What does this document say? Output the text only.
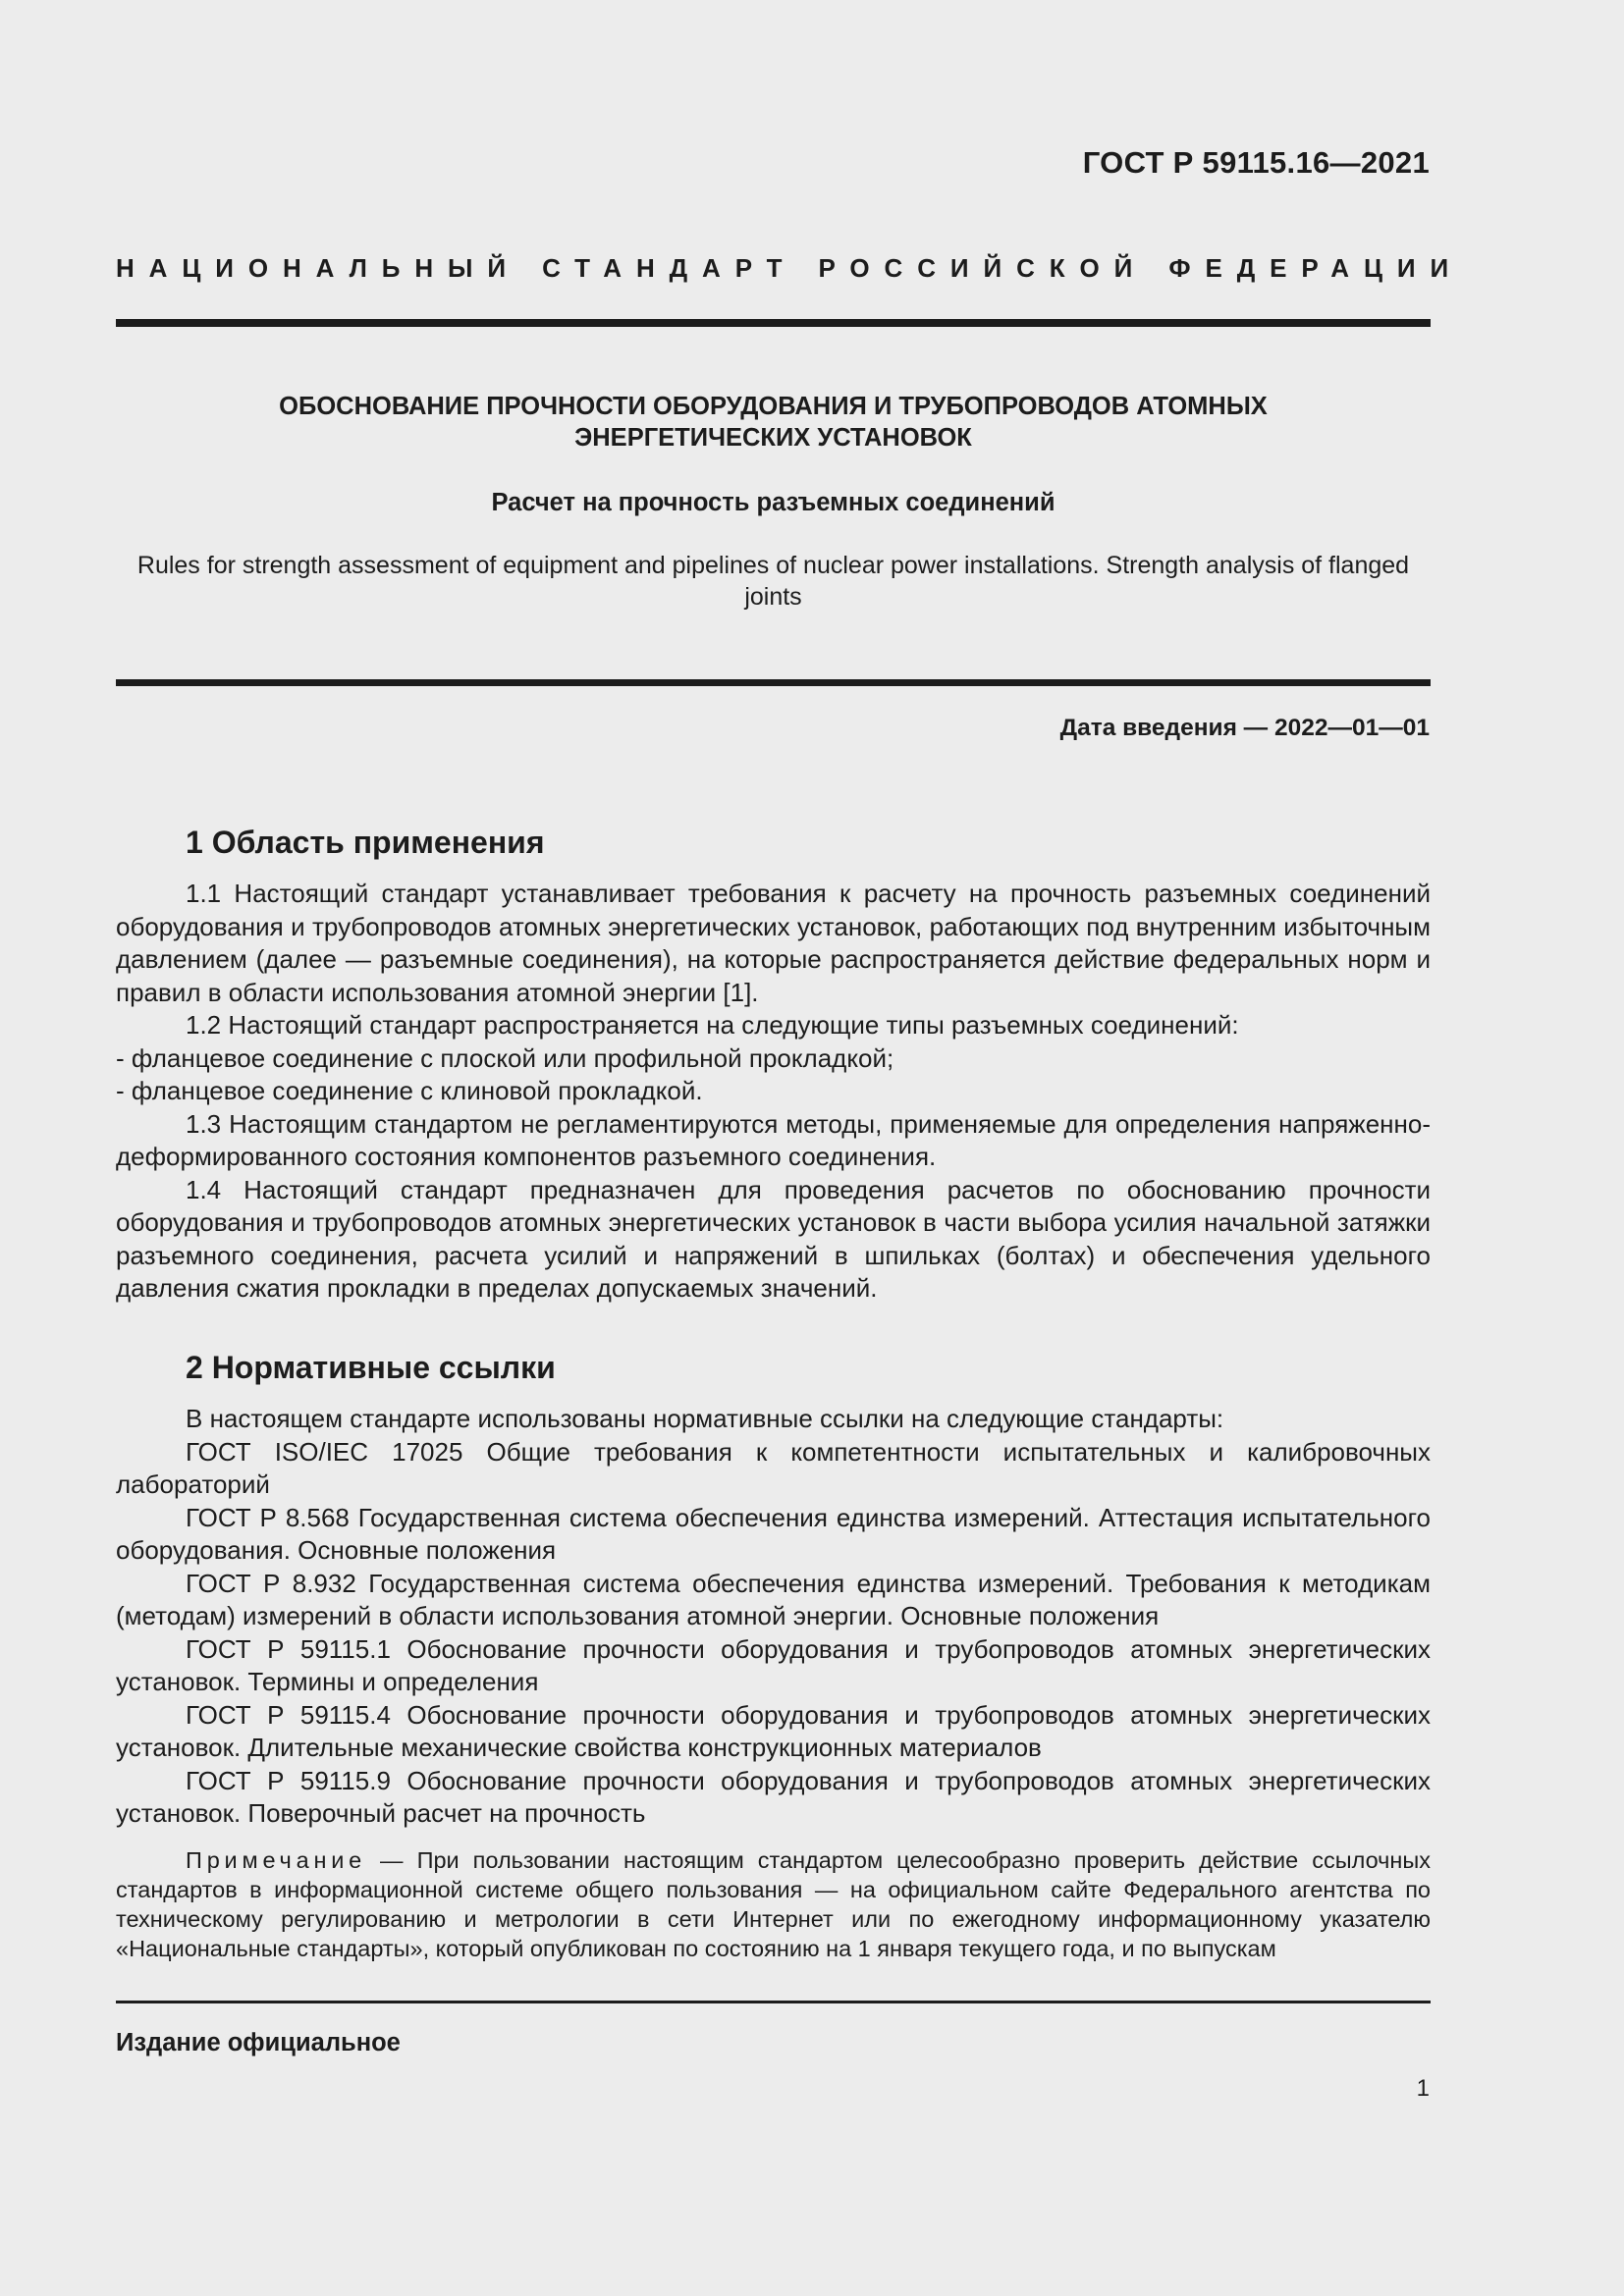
ГОСТ Р 59115.16—2021
НАЦИОНАЛЬНЫЙ СТАНДАРТ РОССИЙСКОЙ ФЕДЕРАЦИИ
ОБОСНОВАНИЕ ПРОЧНОСТИ ОБОРУДОВАНИЯ И ТРУБОПРОВОДОВ АТОМНЫХ
ЭНЕРГЕТИЧЕСКИХ УСТАНОВОК
Расчет на прочность разъемных соединений
Rules for strength assessment of equipment and pipelines of nuclear power installations. Strength analysis of flanged joints
Дата введения — 2022—01—01
1 Область применения

1.1 Настоящий стандарт устанавливает требования к расчету на прочность разъемных соединений оборудования и трубопроводов атомных энергетических установок, работающих под внутренним избыточным давлением (далее — разъемные соединения), на которые распространяется действие федеральных норм и правил в области использования атомной энергии [1].

1.2 Настоящий стандарт распространяется на следующие типы разъемных соединений:

- фланцевое соединение с плоской или профильной прокладкой;

- фланцевое соединение с клиновой прокладкой.

1.3 Настоящим стандартом не регламентируются методы, применяемые для определения напряженно-деформированного состояния компонентов разъемного соединения.

1.4 Настоящий стандарт предназначен для проведения расчетов по обоснованию прочности оборудования и трубопроводов атомных энергетических установок в части выбора усилия начальной затяжки разъемного соединения, расчета усилий и напряжений в шпильках (болтах) и обеспечения удельного давления сжатия прокладки в пределах допускаемых значений.

2 Нормативные ссылки

В настоящем стандарте использованы нормативные ссылки на следующие стандарты:

ГОСТ ISO/IEC 17025 Общие требования к компетентности испытательных и калибровочных лабораторий

ГОСТ Р 8.568 Государственная система обеспечения единства измерений. Аттестация испытательного оборудования. Основные положения

ГОСТ Р 8.932 Государственная система обеспечения единства измерений. Требования к методикам (методам) измерений в области использования атомной энергии. Основные положения

ГОСТ Р 59115.1 Обоснование прочности оборудования и трубопроводов атомных энергетических установок. Термины и определения

ГОСТ Р 59115.4 Обоснование прочности оборудования и трубопроводов атомных энергетических установок. Длительные механические свойства конструкционных материалов

ГОСТ Р 59115.9 Обоснование прочности оборудования и трубопроводов атомных энергетических установок. Поверочный расчет на прочность

Примечание — При пользовании настоящим стандартом целесообразно проверить действие ссылочных стандартов в информационной системе общего пользования — на официальном сайте Федерального агентства по техническому регулированию и метрологии в сети Интернет или по ежегодному информационному указателю «Национальные стандарты», который опубликован по состоянию на 1 января текущего года, и по выпускам
Издание официальное
1
